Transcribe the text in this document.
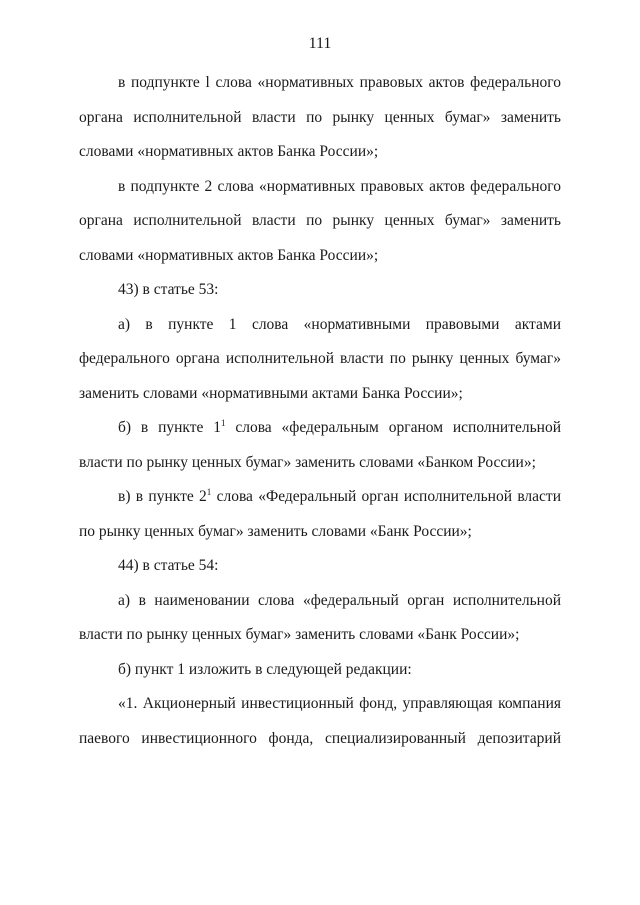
111

в подпункте l слова «нормативных правовых актов федерального органа исполнительной власти по рынку ценных бумаг» заменить словами «нормативных актов Банка России»;

в подпункте 2 слова «нормативных правовых актов федерального органа исполнительной власти по рынку ценных бумаг» заменить словами «нормативных актов Банка России»;

43) в статье 53:

а) в пункте 1 слова «нормативными правовыми актами федерального органа исполнительной власти по рынку ценных бумаг» заменить словами «нормативными актами Банка России»;

б) в пункте $1^1$ слова «федеральным органом исполнительной власти по рынку ценных бумаг» заменить словами «Банком России»;

в) в пункте $2^1$ слова «Федеральный орган исполнительной власти по рынку ценных бумаг» заменить словами «Банк России»;

44) в статье 54:

а) в наименовании слова «федеральный орган исполнительной власти по рынку ценных бумаг» заменить словами «Банк России»;

б) пункт 1 изложить в следующей редакции:

«1. Акционерный инвестиционный фонд, управляющая компания паевого инвестиционного фонда, специализированный депозитарий
